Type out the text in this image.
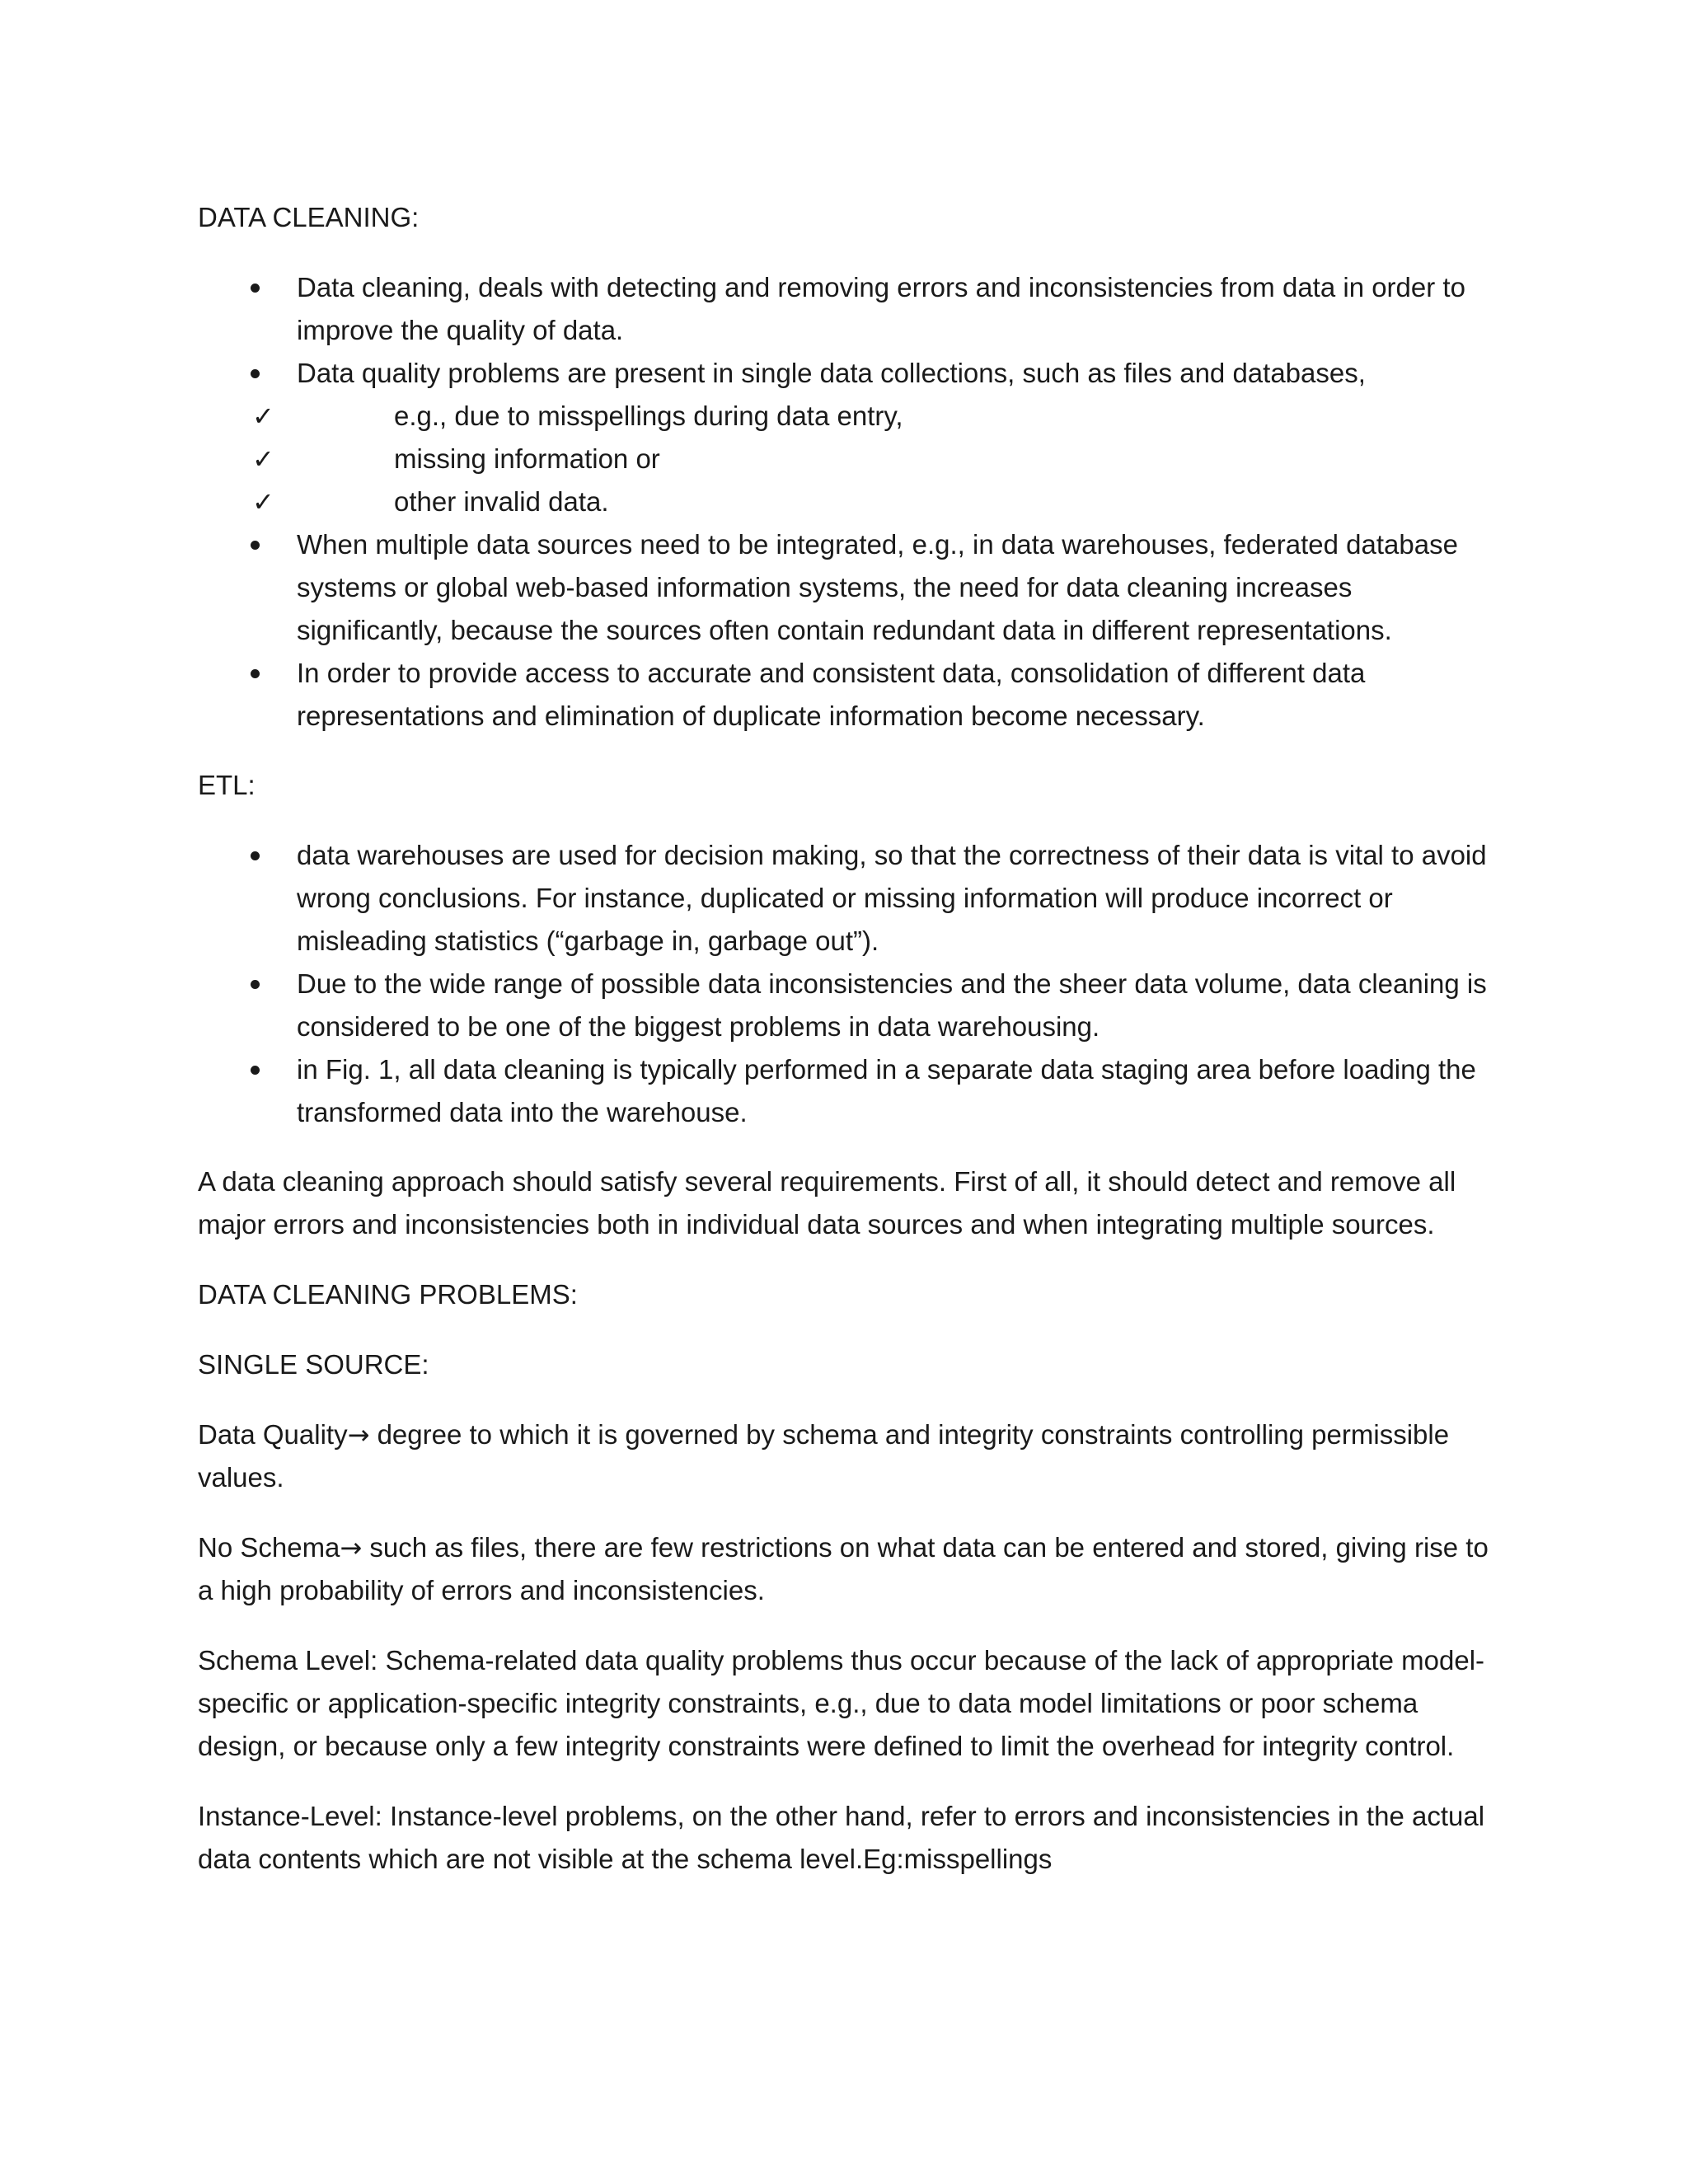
DATA CLEANING:

Data cleaning, deals with detecting and removing errors and inconsistencies from data in order to improve the quality of data.
Data quality problems are present in single data collections, such as files and databases,
✓	e.g., due to misspellings during data entry,
✓	missing information or
✓	other invalid data.
When multiple data sources need to be integrated, e.g., in data warehouses, federated database systems or global web-based information systems, the need for data cleaning increases significantly, because the sources often contain redundant data in different representations.
In order to provide access to accurate and consistent data, consolidation of different data representations and elimination of duplicate information become necessary.

ETL:

data warehouses are used for decision making, so that the correctness of their data is vital to avoid wrong conclusions. For instance, duplicated or missing information will produce incorrect or misleading statistics (“garbage in, garbage out”).
Due to the wide range of possible data inconsistencies and the sheer data volume, data cleaning is considered to be one of the biggest problems in data warehousing.
in Fig. 1, all data cleaning is typically performed in a separate data staging area before loading the transformed data into the warehouse.

A data cleaning approach should satisfy several requirements. First of all, it should detect and remove all major errors and inconsistencies both in individual data sources and when integrating multiple sources.

DATA CLEANING PROBLEMS:

SINGLE SOURCE:

Data Quality→ degree to which it is governed by schema and integrity constraints controlling permissible values.

No Schema→ such as files, there are few restrictions on what data can be entered and stored, giving rise to a high probability of errors and inconsistencies.

Schema Level: Schema-related data quality problems thus occur because of the lack of appropriate model-specific or application-specific integrity constraints, e.g., due to data model limitations or poor schema design, or because only a few integrity constraints were defined to limit the overhead for integrity control.

Instance-Level: Instance-level problems, on the other hand, refer to errors and inconsistencies in the actual data contents which are not visible at the schema level.Eg:misspellings
